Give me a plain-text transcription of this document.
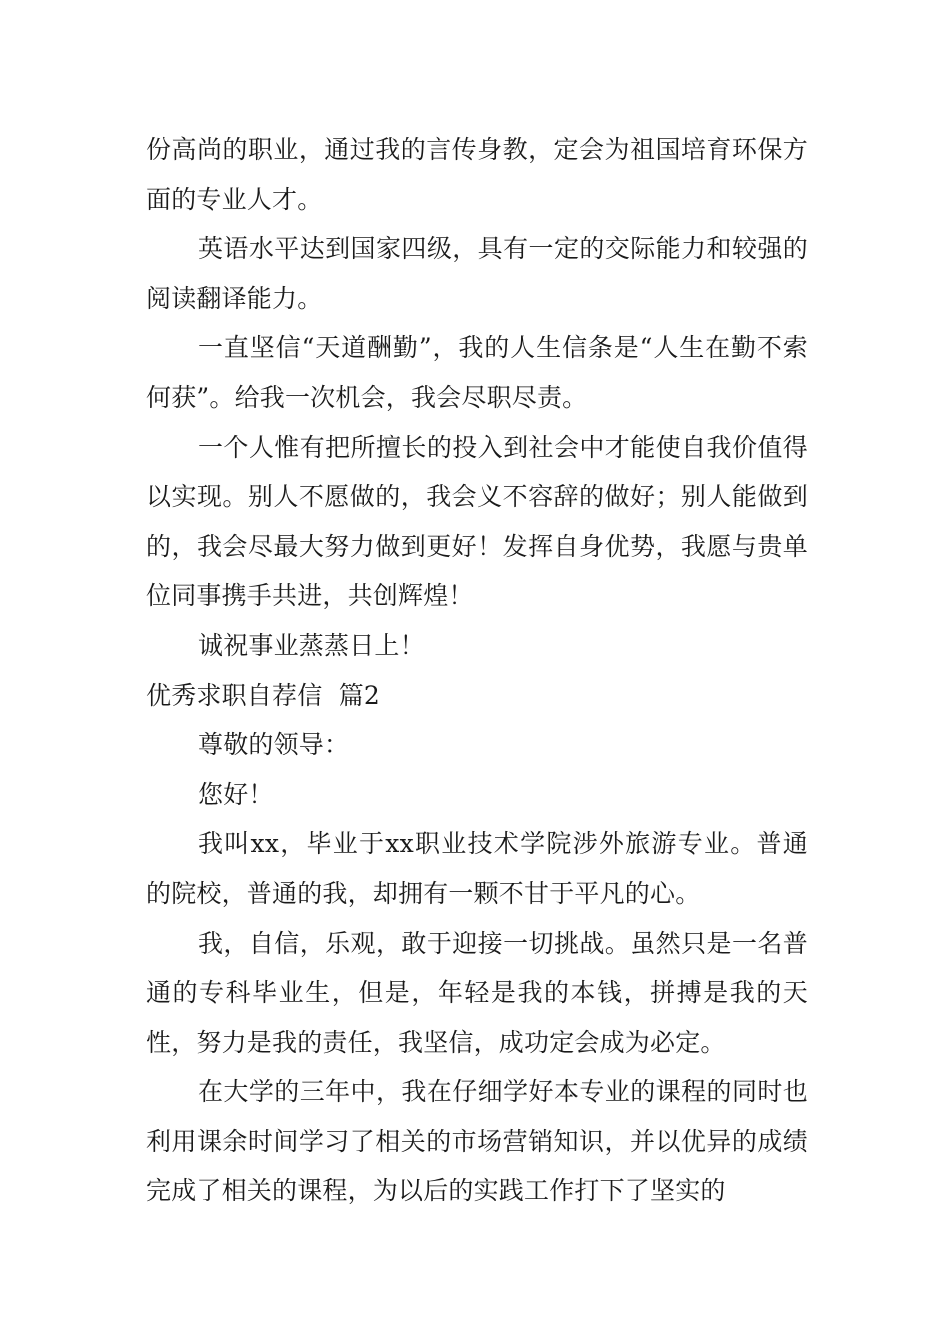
份高尚的职业，通过我的言传身教，定会为祖国培育环保方面的专业人才。

英语水平达到国家四级，具有一定的交际能力和较强的阅读翻译能力。

一直坚信“天道酬勤”，我的人生信条是“人生在勤不索何获”。给我一次机会，我会尽职尽责。

一个人惟有把所擅长的投入到社会中才能使自我价值得以实现。别人不愿做的，我会义不容辞的做好；别人能做到的，我会尽最大努力做到更好！发挥自身优势，我愿与贵单位同事携手共进，共创辉煌！

诚祝事业蒸蒸日上！

优秀求职自荐信  篇2

尊敬的领导：

您好！

我叫xx，毕业于xx职业技术学院涉外旅游专业。普通的院校，普通的我，却拥有一颗不甘于平凡的心。

我，自信，乐观，敢于迎接一切挑战。虽然只是一名普通的专科毕业生，但是，年轻是我的本钱，拼搏是我的天性，努力是我的责任，我坚信，成功定会成为必定。

在大学的三年中，我在仔细学好本专业的课程的同时也利用课余时间学习了相关的市场营销知识，并以优异的成绩完成了相关的课程，为以后的实践工作打下了坚实的
